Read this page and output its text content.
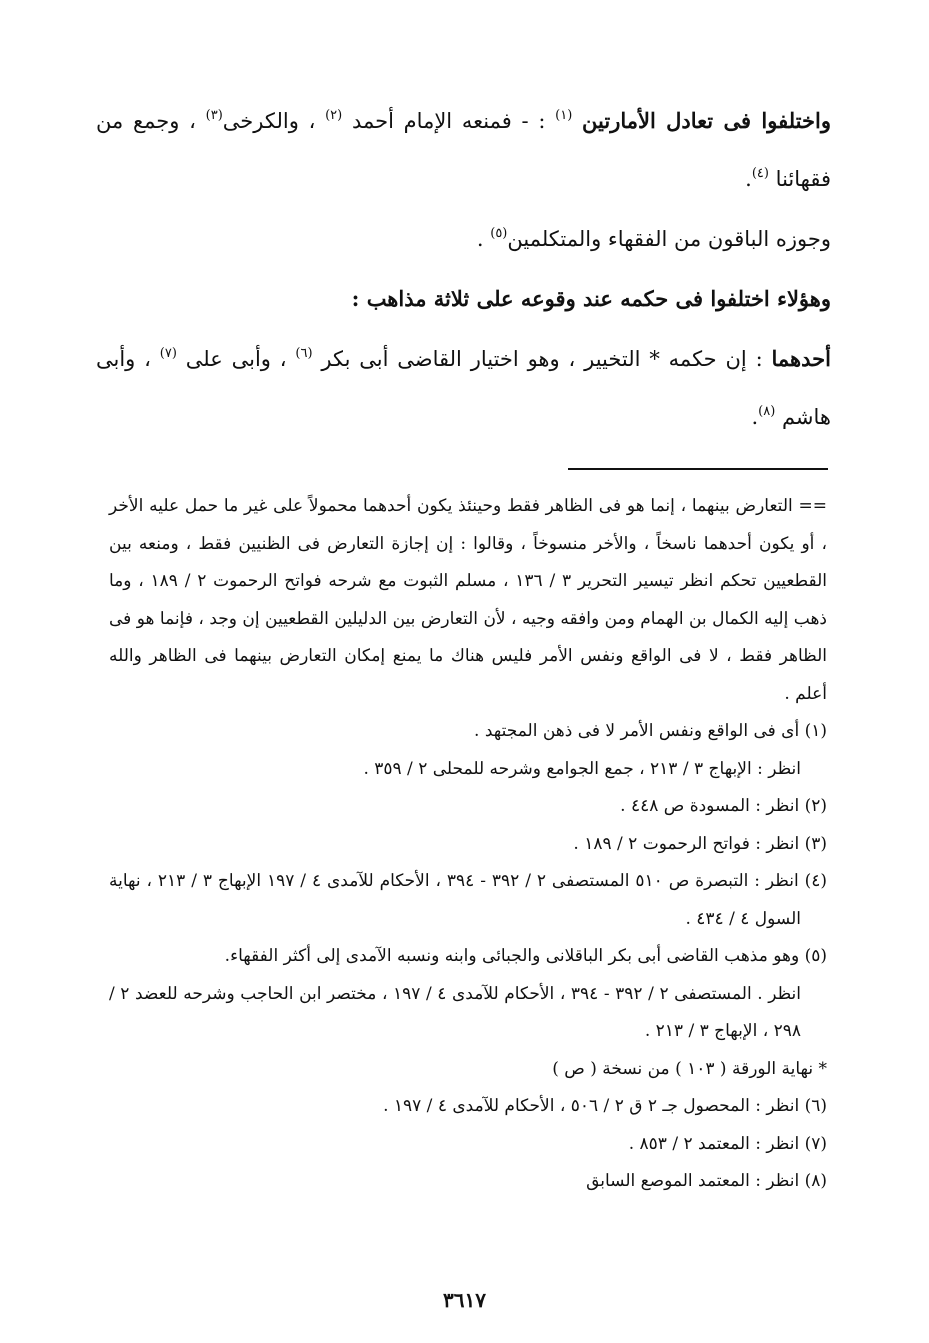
واختلفوا فى تعادل الأمارتين $^{(١)}$ : - فمنعه الإمام أحمد $^{(٢)}$ ، والكرخى$^{(٣)}$ ، وجمع من فقهائنا $^{(٤)}$.

وجوزه الباقون من الفقهاء والمتكلمين$^{(٥)}$ .

وهؤلاء اختلفوا فى حكمه عند وقوعه على ثلاثة مذاهب :

أحدهما : إن حكمه * التخيير ، وهو اختيار القاضى أبى بكر $^{(٦)}$ ، وأبى على $^{(٧)}$ ، وأبى هاشم $^{(٨)}$.

== التعارض بينهما ، إنما هو فى الظاهر فقط وحينئذ يكون أحدهما محمولاً على غير ما حمل عليه الأخر ، أو يكون أحدهما ناسخاً ، والأخر منسوخاً ، وقالوا : إن إجازة التعارض فى الظنيين فقط ، ومنعه بين القطعيين تحكم انظر تيسير التحرير ٣ / ١٣٦ ، مسلم الثبوت مع شرحه فواتح الرحموت ٢ / ١٨٩ ، وما ذهب إليه الكمال بن الهمام ومن وافقه وجيه ، لأن التعارض بين الدليلين القطعيين إن وجد ، فإنما هو فى الظاهر فقط ، لا فى الواقع ونفس الأمر فليس هناك ما يمنع إمكان التعارض بينهما فى الظاهر والله أعلم .

(١) أى فى الواقع ونفس الأمر لا فى ذهن المجتهد .

انظر : الإبهاج ٣ / ٢١٣ ، جمع الجوامع وشرحه للمحلى ٢ / ٣٥٩ .

(٢) انظر : المسودة ص ٤٤٨ .

(٣) انظر : فواتح الرحموت ٢ / ١٨٩ .

(٤) انظر : التبصرة ص ٥١٠ المستصفى ٢ / ٣٩٢ - ٣٩٤ ، الأحكام للآمدى ٤ / ١٩٧ الإبهاج ٣ / ٢١٣ ، نهاية السول ٤ / ٤٣٤ .

(٥) وهو مذهب القاضى أبى بكر الباقلانى والجبائى وابنه ونسبه الآمدى إلى أكثر الفقهاء.

انظر . المستصفى ٢ / ٣٩٢ - ٣٩٤ ، الأحكام للآمدى ٤ / ١٩٧ ، مختصر ابن الحاجب وشرحه للعضد ٢ / ٢٩٨ ، الإبهاج ٣ / ٢١٣ .

* نهاية الورقة ( ١٠٣ ) من نسخة ( ص )

(٦) انظر : المحصول جـ ٢ ق ٢ / ٥٠٦ ، الأحكام للآمدى ٤ / ١٩٧ .

(٧) انظر : المعتمد ٢ / ٨٥٣ .

(٨) انظر : المعتمد الموصع السابق

٣٦١٧
